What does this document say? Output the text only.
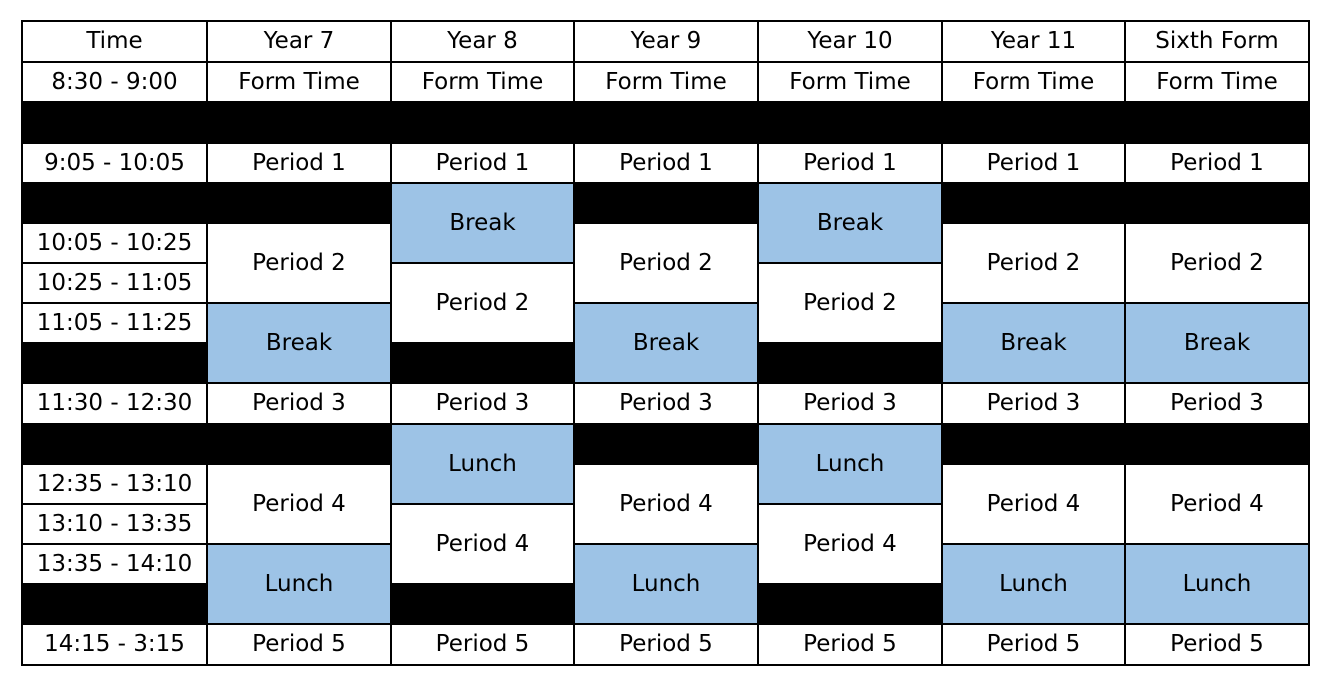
Time	Year 7	Year 8	Year 9	Year 10	Year 11	Sixth Form
8:30 - 9:00	Form Time	Form Time	Form Time	Form Time	Form Time	Form Time

9:05 - 10:05	Period 1	Period 1	Period 1	Period 1	Period 1	Period 1
		Break		Break		
10:05 - 10:25	Period 2		Period 2		Period 2	Period 2
10:25 - 11:05		Period 2		Period 2		
11:05 - 11:25	Break		Break		Break	Break

11:30 - 12:30	Period 3	Period 3	Period 3	Period 3	Period 3	Period 3
		Lunch		Lunch		
12:35 - 13:10	Period 4		Period 4		Period 4	Period 4
13:10 - 13:35		Period 4		Period 4		
13:35 - 14:10	Lunch		Lunch		Lunch	Lunch

14:15 - 3:15	Period 5	Period 5	Period 5	Period 5	Period 5	Period 5
